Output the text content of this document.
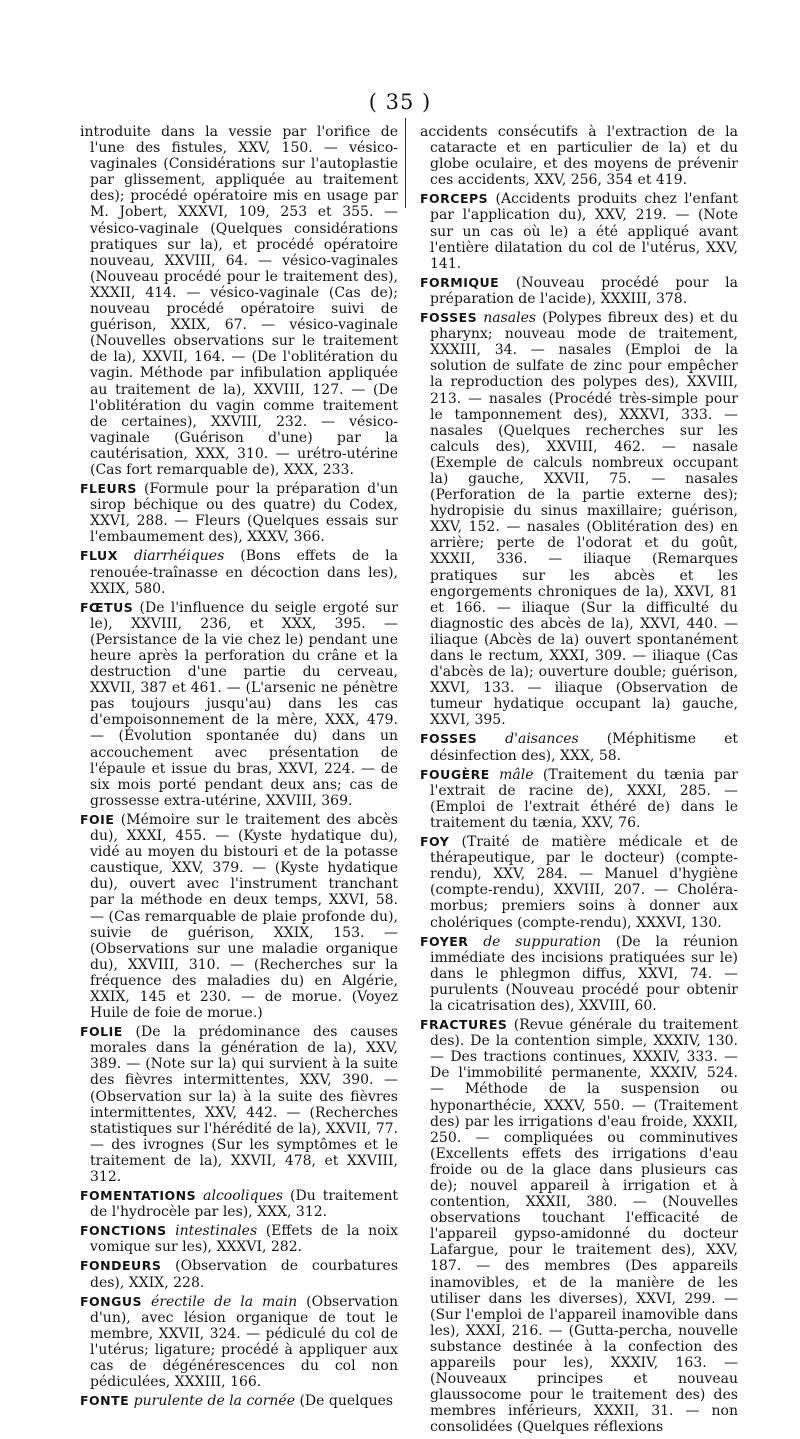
( 35 )

introduite dans la vessie par l'orifice de l'une des fistules, XXV, 150. — vésico-vaginales (Considérations sur l'autoplastie par glissement, appliquée au traitement des); procédé opératoire mis en usage par M. Jobert, XXXVI, 109, 253 et 355. — vésico-vaginale (Quelques considérations pratiques sur la), et procédé opératoire nouveau, XXVIII, 64. — vésico-vaginales (Nouveau procédé pour le traitement des), XXXII, 414. — vésico-vaginale (Cas de); nouveau procédé opératoire suivi de guérison, XXIX, 67. — vésico-vaginale (Nouvelles observations sur le traitement de la), XXVII, 164. — (De l'oblitération du vagin. Méthode par infibulation appliquée au traitement de la), XXVIII, 127. — (De l'oblitération du vagin comme traitement de certaines), XXVIII, 232. — vésico-vaginale (Guérison d'une) par la cautérisation, XXX, 310. — urétro-utérine (Cas fort remarquable de), XXX, 233.

FLEURS (Formule pour la préparation d'un sirop béchique ou des quatre) du Codex, XXVI, 288. — Fleurs (Quelques essais sur l'embaumement des), XXXV, 366.

FLUX diarrhéiques (Bons effets de la renouée-traînasse en décoction dans les), XXIX, 580.

FŒTUS (De l'influence du seigle ergoté sur le), XXVIII, 236, et XXX, 395. — (Persistance de la vie chez le) pendant une heure après la perforation du crâne et la destruction d'une partie du cerveau, XXVII, 387 et 461. — (L'arsenic ne pénètre pas toujours jusqu'au) dans les cas d'empoisonnement de la mère, XXX, 479. — (Évolution spontanée du) dans un accouchement avec présentation de l'épaule et issue du bras, XXVI, 224. — de six mois porté pendant deux ans; cas de grossesse extra-utérine, XXVIII, 369.

FOIE (Mémoire sur le traitement des abcès du), XXXI, 455. — (Kyste hydatique du), vidé au moyen du bistouri et de la potasse caustique, XXV, 379. — (Kyste hydatique du), ouvert avec l'instrument tranchant par la méthode en deux temps, XXVI, 58. — (Cas remarquable de plaie profonde du), suivie de guérison, XXIX, 153. — (Observations sur une maladie organique du), XXVIII, 310. — (Recherches sur la fréquence des maladies du) en Algérie, XXIX, 145 et 230. — de morue. (Voyez Huile de foie de morue.)

FOLIE (De la prédominance des causes morales dans la génération de la), XXV, 389. — (Note sur la) qui survient à la suite des fièvres intermittentes, XXV, 390. — (Observation sur la) à la suite des fièvres intermittentes, XXV, 442. — (Recherches statistiques sur l'hérédité de la), XXVII, 77. — des ivrognes (Sur les symptômes et le traitement de la), XXVII, 478, et XXVIII, 312.

FOMENTATIONS alcooliques (Du traitement de l'hydrocèle par les), XXX, 312.

FONCTIONS intestinales (Effets de la noix vomique sur les), XXXVI, 282.

FONDEURS (Observation de courbatures des), XXIX, 228.

FONGUS érectile de la main (Observation d'un), avec lésion organique de tout le membre, XXVII, 324. — pédiculé du col de l'utérus; ligature; procédé à appliquer aux cas de dégénérescences du col non pédiculées, XXXIII, 166.

FONTE purulente de la cornée (De quelques

accidents consécutifs à l'extraction de la cataracte et en particulier de la) et du globe oculaire, et des moyens de prévenir ces accidents, XXV, 256, 354 et 419.

FORCEPS (Accidents produits chez l'enfant par l'application du), XXV, 219. — (Note sur un cas où le) a été appliqué avant l'entière dilatation du col de l'utérus, XXV, 141.

FORMIQUE (Nouveau procédé pour la préparation de l'acide), XXXIII, 378.

FOSSES nasales (Polypes fibreux des) et du pharynx; nouveau mode de traitement, XXXIII, 34. — nasales (Emploi de la solution de sulfate de zinc pour empêcher la reproduction des polypes des), XXVIII, 213. — nasales (Procédé très-simple pour le tamponnement des), XXXVI, 333. — nasales (Quelques recherches sur les calculs des), XXVIII, 462. — nasale (Exemple de calculs nombreux occupant la) gauche, XXVII, 75. — nasales (Perforation de la partie externe des); hydropisie du sinus maxillaire; guérison, XXV, 152. — nasales (Oblitération des) en arrière; perte de l'odorat et du goût, XXXII, 336. — iliaque (Remarques pratiques sur les abcès et les engorgements chroniques de la), XXVI, 81 et 166. — iliaque (Sur la difficulté du diagnostic des abcès de la), XXVI, 440. — iliaque (Abcès de la) ouvert spontanément dans le rectum, XXXI, 309. — iliaque (Cas d'abcès de la); ouverture double; guérison, XXVI, 133. — iliaque (Observation de tumeur hydatique occupant la) gauche, XXVI, 395.

FOSSES d'aisances (Méphitisme et désinfection des), XXX, 58.

FOUGÈRE mâle (Traitement du tænia par l'extrait de racine de), XXXI, 285. — (Emploi de l'extrait éthéré de) dans le traitement du tænia, XXV, 76.

FOY (Traité de matière médicale et de thérapeutique, par le docteur) (compte-rendu), XXV, 284. — Manuel d'hygiène (compte-rendu), XXVIII, 207. — Choléra-morbus; premiers soins à donner aux cholériques (compte-rendu), XXXVI, 130.

FOYER de suppuration (De la réunion immédiate des incisions pratiquées sur le) dans le phlegmon diffus, XXVI, 74. — purulents (Nouveau procédé pour obtenir la cicatrisation des), XXVIII, 60.

FRACTURES (Revue générale du traitement des). De la contention simple, XXXIV, 130. — Des tractions continues, XXXIV, 333. — De l'immobilité permanente, XXXIV, 524. — Méthode de la suspension ou hyponarthécie, XXXV, 550. — (Traitement des) par les irrigations d'eau froide, XXXII, 250. — compliquées ou comminutives (Excellents effets des irrigations d'eau froide ou de la glace dans plusieurs cas de); nouvel appareil à irrigation et à contention, XXXII, 380. — (Nouvelles observations touchant l'efficacité de l'appareil gypso-amidonné du docteur Lafargue, pour le traitement des), XXV, 187. — des membres (Des appareils inamovibles, et de la manière de les utiliser dans les diverses), XXVI, 299. — (Sur l'emploi de l'appareil inamovible dans les), XXXI, 216. — (Gutta-percha, nouvelle substance destinée à la confection des appareils pour les), XXXIV, 163. — (Nouveaux principes et nouveau glaussocome pour le traitement des) des membres inférieurs, XXXII, 31. — non consolidées (Quelques réflexions
